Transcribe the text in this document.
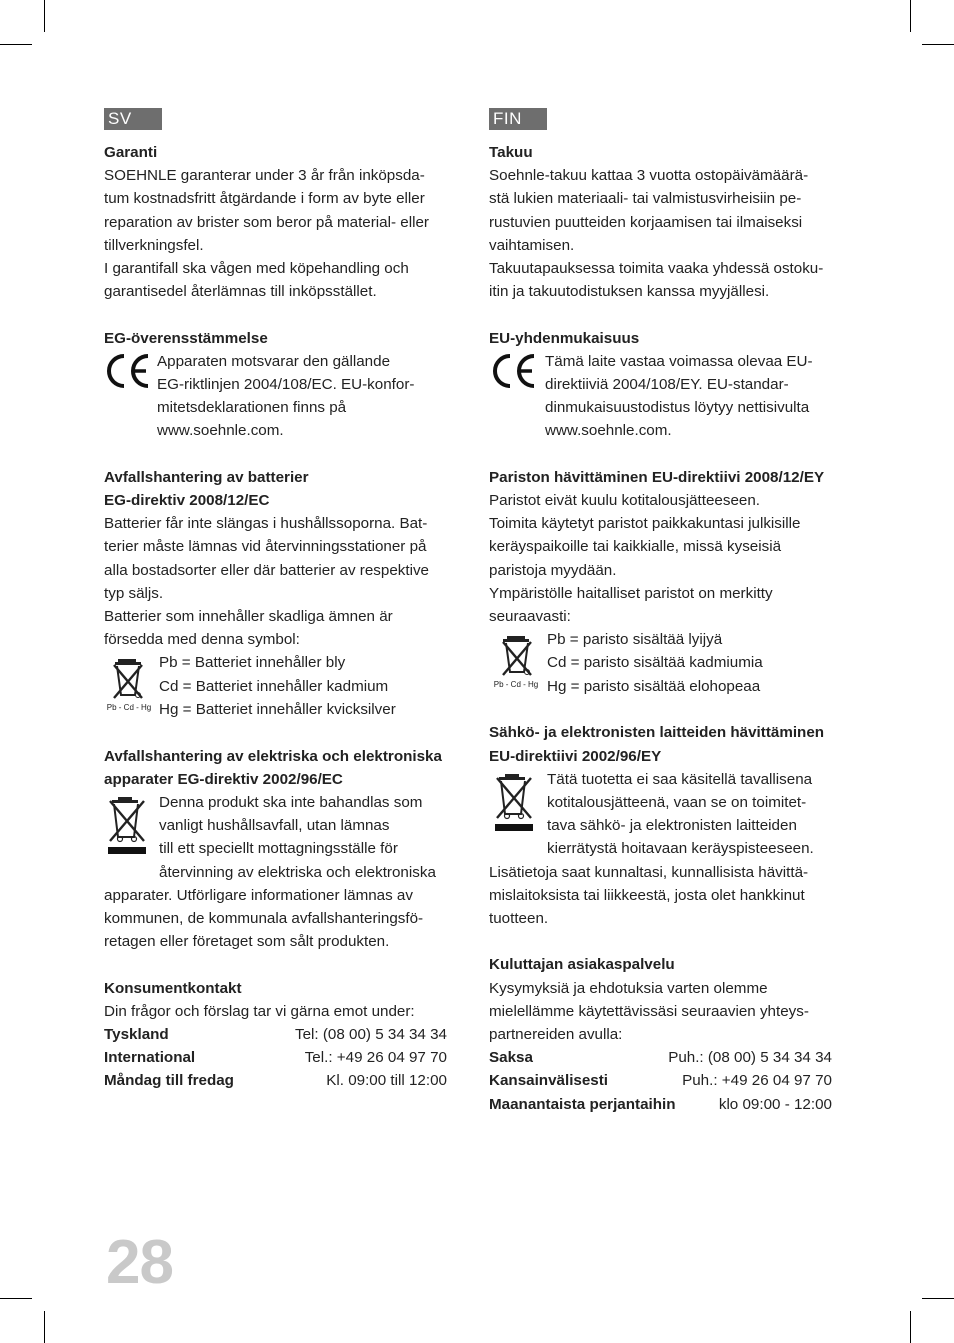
SV
Garanti
SOEHNLE garanterar under 3 år från inköpsda-
tum kostnadsfritt åtgärdande i form av byte eller
reparation av brister som beror på material- eller
tillverkningsfel.
I garantifall ska vågen med köpehandling och
garantisedel återlämnas till inköpsstället.
EG-överensstämmelse
Apparaten motsvarar den gällande
EG-riktlinjen 2004/108/EC. EU-konfor-
mitetsdeklarationen finns på
www.soehnle.com.
Avfallshantering av batterier
EG-direktiv 2008/12/EC
Batterier får inte slängas i hushållssoporna. Bat-
terier måste lämnas vid återvinningsstationer på
alla bostadsorter eller där batterier av respektive
typ säljs.
Batterier som innehåller skadliga ämnen är
försedda med denna symbol:
Pb - Cd - Hg
Pb = Batteriet innehåller bly
Cd = Batteriet innehåller kadmium
Hg = Batteriet innehåller kvicksilver
Avfallshantering av elektriska och elektroniska
apparater EG-direktiv 2002/96/EC
Denna produkt ska inte bahandlas som
vanligt hushållsavfall, utan lämnas
till ett speciellt mottagningsställe för
återvinning av elektriska och elektroniska
apparater. Utförligare informationer lämnas av
kommunen, de kommunala avfallshanteringsfö-
retagen eller företaget som sålt produkten.
Konsumentkontakt
Din frågor och förslag tar vi gärna emot under:
Tyskland	Tel: (08 00) 5 34 34 34
International	Tel.: +49 26 04 97 70
Måndag till fredag	Kl. 09:00 till 12:00
FIN
Takuu
Soehnle-takuu kattaa 3 vuotta ostopäivämäärä-
stä lukien materiaali- tai valmistusvirheisiin pe-
rustuvien puutteiden korjaamisen tai ilmaiseksi
vaihtamisen.
Takuutapauksessa toimita vaaka yhdessä ostoku-
itin ja takuutodistuksen kanssa myyjällesi.
EU-yhdenmukaisuus
Tämä laite vastaa voimassa olevaa EU-
direktiiviä 2004/108/EY. EU-standar-
dinmukaisuustodistus löytyy nettisivulta
www.soehnle.com.
Pariston hävittäminen EU-direktiivi 2008/12/EY
Paristot eivät kuulu kotitalousjätteeseen.
Toimita käytetyt paristot paikkakuntasi julkisille
keräyspaikoille tai kaikkialle, missä kyseisiä
paristoja myydään.
Ympäristölle haitalliset paristot on merkitty
seuraavasti:
Pb - Cd - Hg
Pb = paristo sisältää lyijyä
Cd = paristo sisältää kadmiumia
Hg = paristo sisältää elohopeaa
Sähkö- ja elektronisten laitteiden hävittäminen
EU-direktiivi 2002/96/EY
Tätä tuotetta ei saa käsitellä tavallisena
kotitalousjätteenä, vaan se on toimitet-
tava sähkö- ja elektronisten laitteiden
kierrätystä hoitavaan keräyspisteeseen.
Lisätietoja saat kunnaltasi, kunnallisista hävittä-
mislaitoksista tai liikkeestä, josta olet hankkinut
tuotteen.
Kuluttajan asiakaspalvelu
Kysymyksiä ja ehdotuksia varten olemme
mielellämme käytettävissäsi seuraavien yhteys-
partnereiden avulla:
Saksa	Puh.: (08 00) 5 34 34 34
Kansainvälisesti	Puh.: +49 26 04 97 70
Maanantaista perjantaihin	klo 09:00 - 12:00
28
